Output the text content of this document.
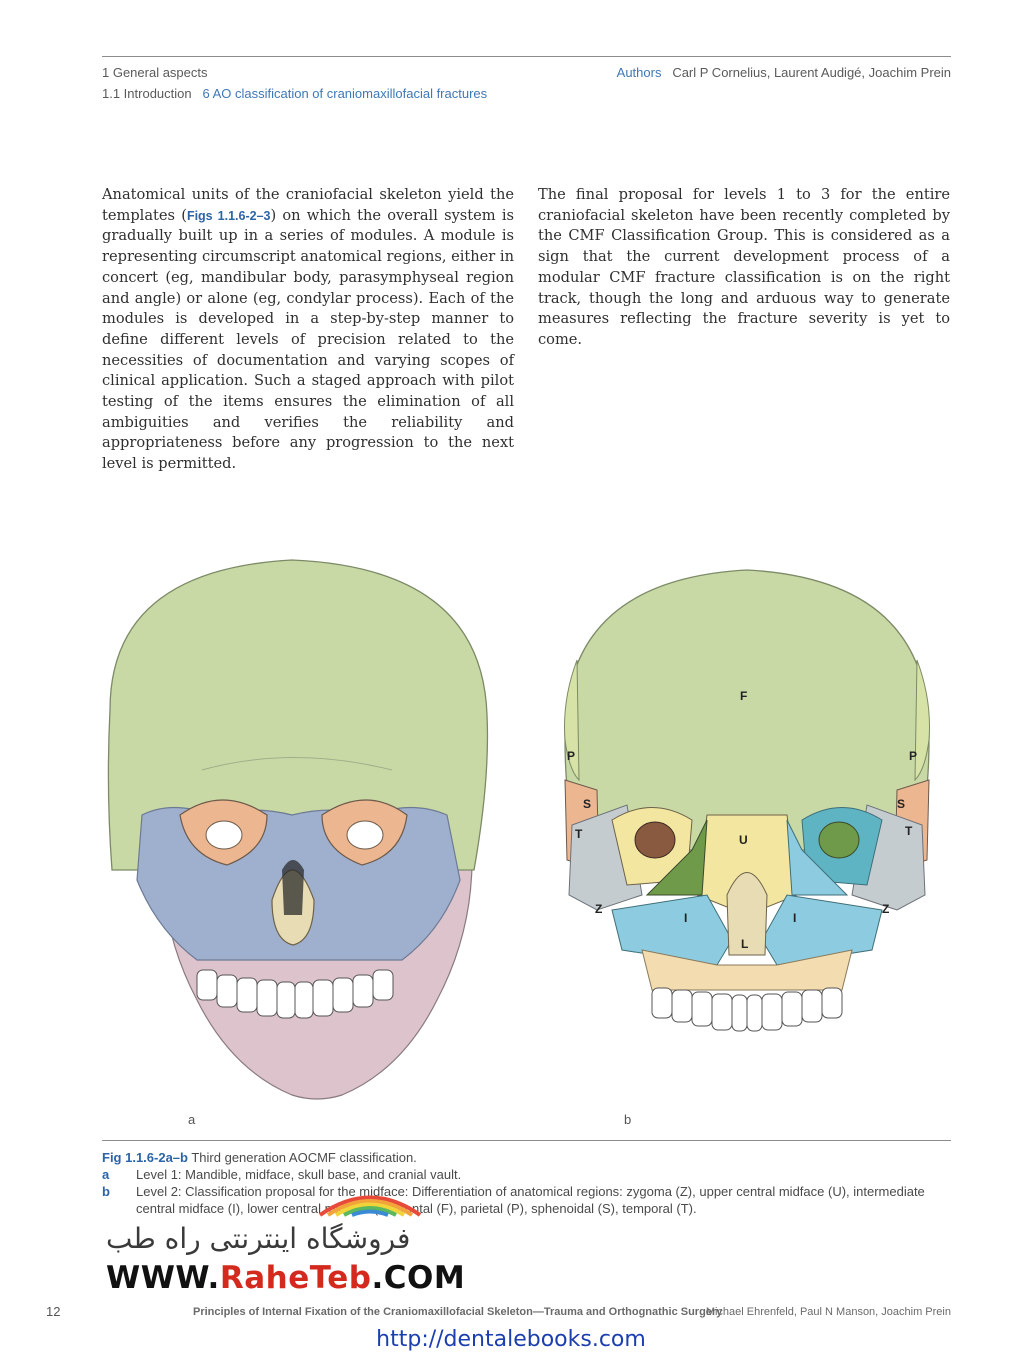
1 General aspects
1.1 Introduction 6 AO classification of craniomaxillofacial fractures
Authors Carl P Cornelius, Laurent Audigé, Joachim Prein
Anatomical units of the craniofacial skeleton yield the templates (Figs 1.1.6-2–3) on which the overall system is gradually built up in a series of modules. A module is representing circumscript anatomical regions, either in concert (eg, mandibular body, parasymphyseal region and angle) or alone (eg, condylar process). Each of the modules is developed in a step-by-step manner to define different levels of precision related to the necessities of documentation and varying scopes of clinical application. Such a staged approach with pilot testing of the items ensures the elimination of all ambiguities and verifies the reliability and appropriateness before any progression to the next level is permitted.
The final proposal for levels 1 to 3 for the entire craniofacial skeleton have been recently completed by the CMF Classification Group. This is considered as a sign that the current development process of a modular CMF fracture classification is on the right track, though the long and arduous way to generate measures reflecting the fracture severity is yet to come.
F
P	P
S	S
T	T
Z	Z
U
I	I
L
a	b
Fig 1.1.6-2a–b Third generation AOCMF classification.
a	Level 1: Mandible, midface, skull base, and cranial vault.
b	Level 2: Classification proposal for the midface: Differentiation of anatomical regions: zygoma (Z), upper central midface (U), intermediate central midface (I), lower central midface (L), frontal (F), parietal (P), sphenoidal (S), temporal (T).
فروشگاه اینترنتی راه طب
WWW.RaheTeb.COM
12	Principles of Internal Fixation of the Craniomaxillofacial Skeleton—Trauma and Orthognathic Surgery
Michael Ehrenfeld, Paul N Manson, Joachim Prein
http://dentalebooks.com
